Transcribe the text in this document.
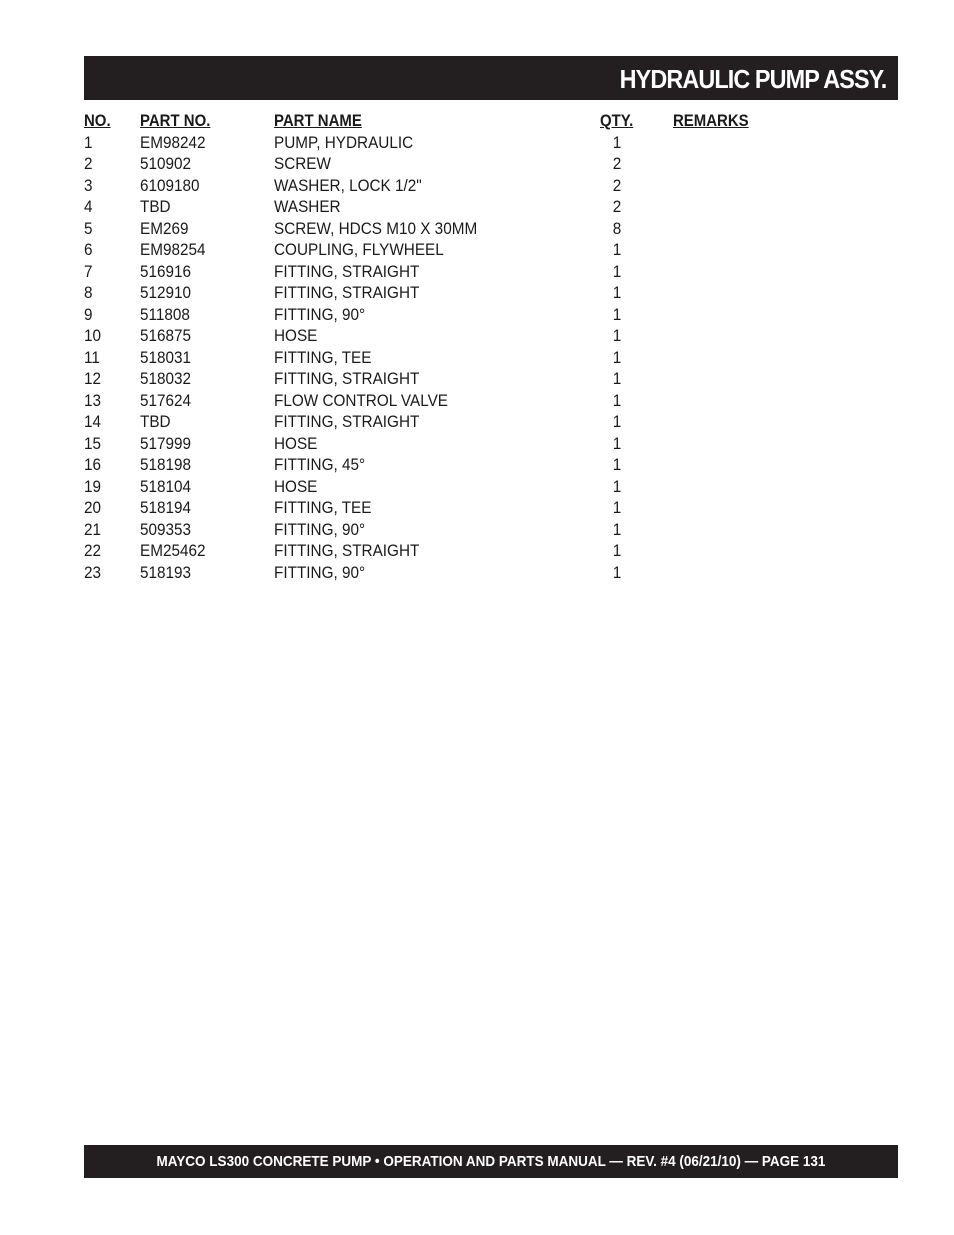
HYDRAULIC PUMP ASSY.
NO. PART NO.	PART NAME	QTY. REMARKS
1	EM98242	PUMP, HYDRAULIC	1
2	510902	SCREW	2
3	6109180	WASHER, LOCK 1/2"	2
4	TBD	WASHER	2
5	EM269	SCREW, HDCS M10 X 30MM	8
6	EM98254	COUPLING, FLYWHEEL	1
7	516916	FITTING, STRAIGHT	1
8	512910	FITTING, STRAIGHT	1
9	511808	FITTING, 90°	1
10 516875	HOSE	1
11 518031	FITTING, TEE	1
12 518032	FITTING, STRAIGHT	1
13 517624	FLOW CONTROL VALVE	1
14 TBD	FITTING, STRAIGHT	1
15 517999	HOSE	1
16 518198	FITTING, 45°	1
19 518104	HOSE	1
20 518194	FITTING, TEE	1
21 509353	FITTING, 90°	1
22 EM25462	FITTING, STRAIGHT	1
23 518193	FITTING, 90°	1
MAYCO LS300 CONCRETE PUMP • OPERATION AND PARTS MANUAL — REV. #4 (06/21/10) — PAGE 131
